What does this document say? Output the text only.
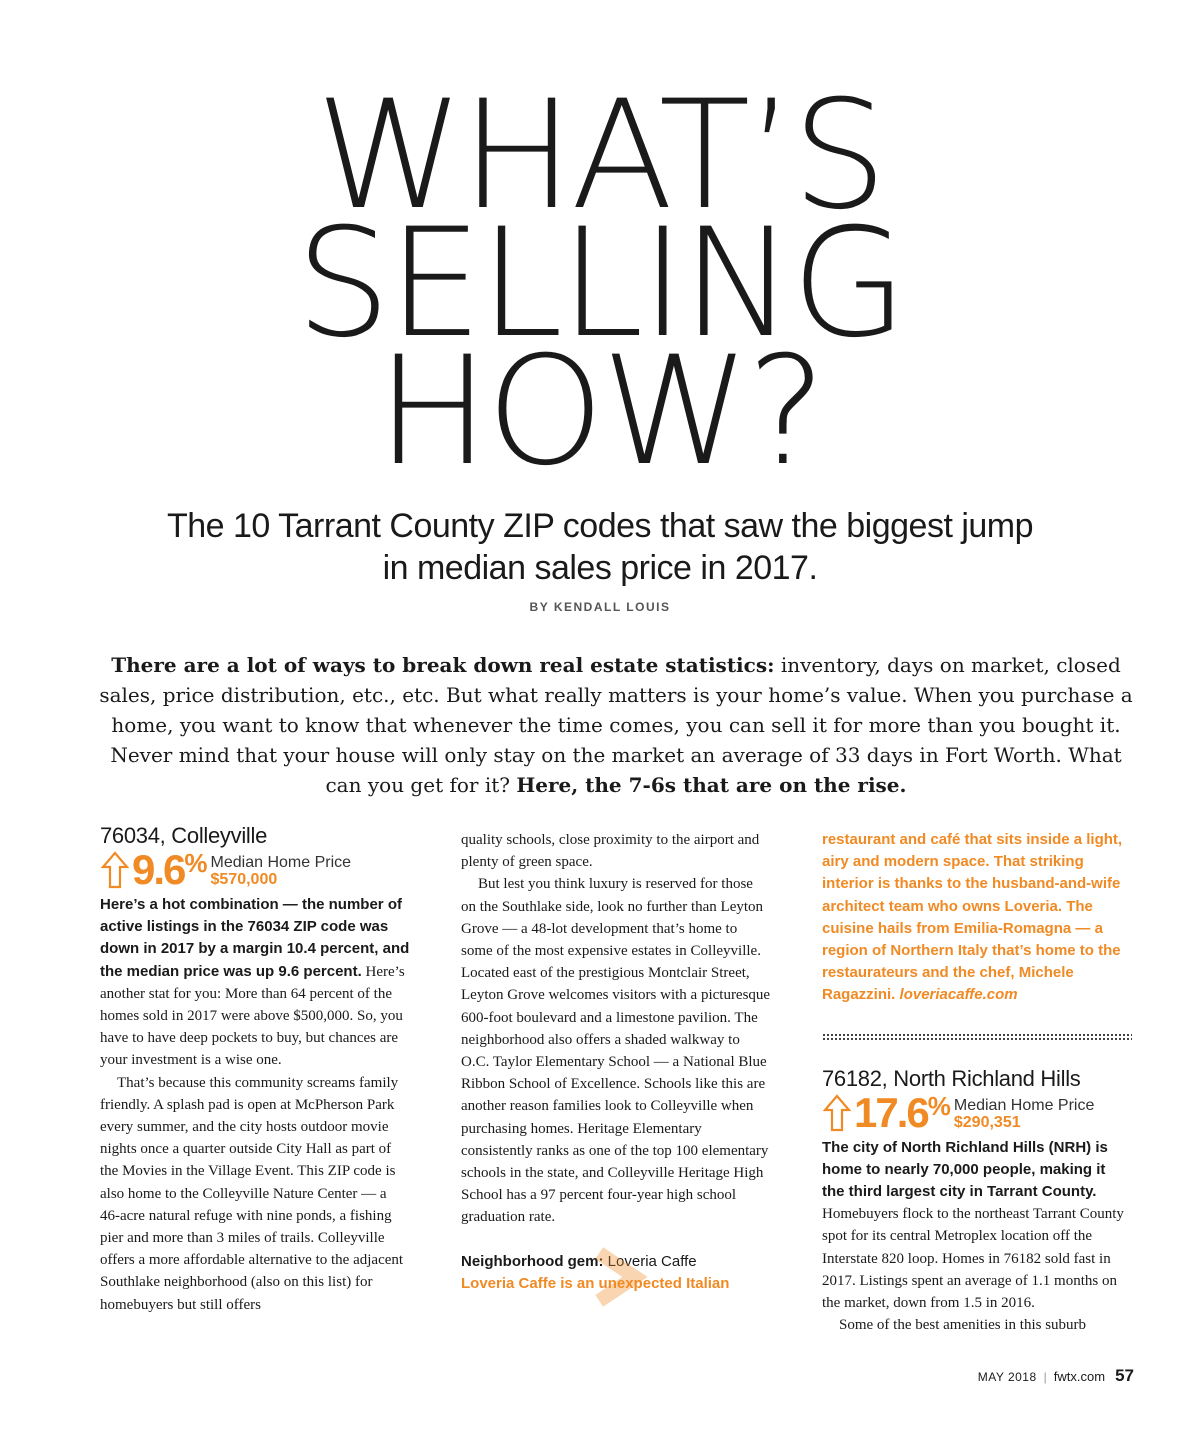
WHAT’S
SELLING
HOW?
The 10 Tarrant County ZIP codes that saw the biggest jump in median sales price in 2017.
BY KENDALL LOUIS

There are a lot of ways to break down real estate statistics: inventory, days on market, closed sales, price distribution, etc., etc. But what really matters is your home’s value. When you purchase a home, you want to know that whenever the time comes, you can sell it for more than you bought it. Never mind that your house will only stay on the market an average of 33 days in Fort Worth. What can you get for it? Here, the 7-6s that are on the rise.

76034, Colleyville
9.6 % Median Home Price
$570,000

Here’s a hot combination — the number of active listings in the 76034 ZIP code was down in 2017 by a margin 10.4 percent, and the median price was up 9.6 percent. Here’s another stat for you: More than 64 percent of the homes sold in 2017 were above $500,000. So, you have to have deep pockets to buy, but chances are your investment is a wise one.

That’s because this community screams family friendly. A splash pad is open at McPherson Park every summer, and the city hosts outdoor movie nights once a quarter outside City Hall as part of the Movies in the Village Event. This ZIP code is also home to the Colleyville Nature Center — a 46-acre natural refuge with nine ponds, a fishing pier and more than 3 miles of trails. Colleyville offers a more affordable alternative to the adjacent Southlake neighborhood (also on this list) for homebuyers but still offers

quality schools, close proximity to the airport and plenty of green space.

But lest you think luxury is reserved for those on the Southlake side, look no further than Leyton Grove — a 48-lot development that’s home to some of the most expensive estates in Colleyville. Located east of the prestigious Montclair Street, Leyton Grove welcomes visitors with a picturesque 600-foot boulevard and a limestone pavilion. The neighborhood also offers a shaded walkway to O.C. Taylor Elementary School — a National Blue Ribbon School of Excellence. Schools like this are another reason families look to Colleyville when purchasing homes. Heritage Elementary consistently ranks as one of the top 100 elementary schools in the state, and Colleyville Heritage High School has a 97 percent four-year high school graduation rate.

Neighborhood gem: Loveria Caffe

Loveria Caffe is an unexpected Italian

restaurant and café that sits inside a light, airy and modern space. That striking interior is thanks to the husband-and-wife architect team who owns Loveria. The cuisine hails from Emilia-Romagna — a region of Northern Italy that’s home to the restaurateurs and the chef, Michele Ragazzini. loveriacaffe.com

76182, North Richland Hills
17.6 % Median Home Price
$290,351

The city of North Richland Hills (NRH) is home to nearly 70,000 people, making it the third largest city in Tarrant County. Homebuyers flock to the northeast Tarrant County spot for its central Metroplex location off the Interstate 820 loop. Homes in 76182 sold fast in 2017. Listings spent an average of 1.1 months on the market, down from 1.5 in 2016.

Some of the best amenities in this suburb

MAY 2018 | fwtx.com 57
